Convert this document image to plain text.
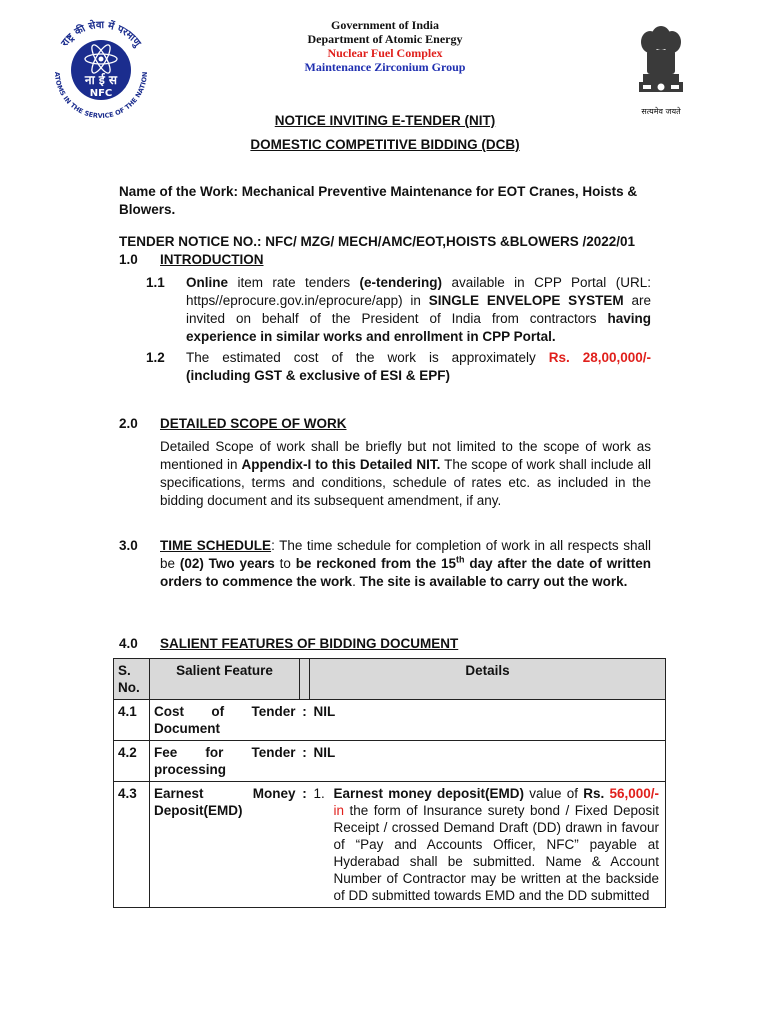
ना ई स
NFC
राष्ट्र की सेवा में परमाणु
ATOMS IN THE SERVICE OF THE NATION
Government of India
Department of Atomic Energy
Nuclear Fuel Complex
Maintenance Zirconium Group
सत्यमेव जयते
NOTICE INVITING E-TENDER (NIT)
DOMESTIC COMPETITIVE BIDDING (DCB)
Name of the Work: Mechanical Preventive Maintenance for EOT Cranes, Hoists &
Blowers.
TENDER NOTICE NO.: NFC/ MZG/ MECH/AMC/EOT,HOISTS &BLOWERS /2022/01
1.0 INTRODUCTION
1.1 Online item rate tenders (e-tendering) available in CPP Portal (URL: https//eprocure.gov.in/eprocure/app) in SINGLE ENVELOPE SYSTEM are invited on behalf of the President of India from contractors having experience in similar works and enrollment in CPP Portal.
1.2 The estimated cost of the work is approximately Rs. 28,00,000/-
(including GST & exclusive of ESI & EPF)
2.0 DETAILED SCOPE OF WORK
Detailed Scope of work shall be briefly but not limited to the scope of work as mentioned in Appendix-I to this Detailed NIT. The scope of work shall include all specifications, terms and conditions, schedule of rates etc. as included in the bidding document and its subsequent amendment, if any.
3.0 TIME SCHEDULE: The time schedule for completion of work in all respects shall be (02) Two years to be reckoned from the 15th day after the date of written orders to commence the work. The site is available to carry out the work.
4.0 SALIENT FEATURES OF BIDDING DOCUMENT
S. No.	Salient Feature		Details
4.1	Cost of Tender Document	:	NIL
4.2	Fee for Tender processing	:	NIL
4.3	Earnest Money Deposit(EMD)	:	1. Earnest money deposit(EMD) value of Rs. 56,000/- in the form of Insurance surety bond / Fixed Deposit Receipt / crossed Demand Draft (DD) drawn in favour of “Pay and Accounts Officer, NFC” payable at Hyderabad shall be submitted. Name & Account Number of Contractor may be written at the backside of DD submitted towards EMD and the DD submitted
